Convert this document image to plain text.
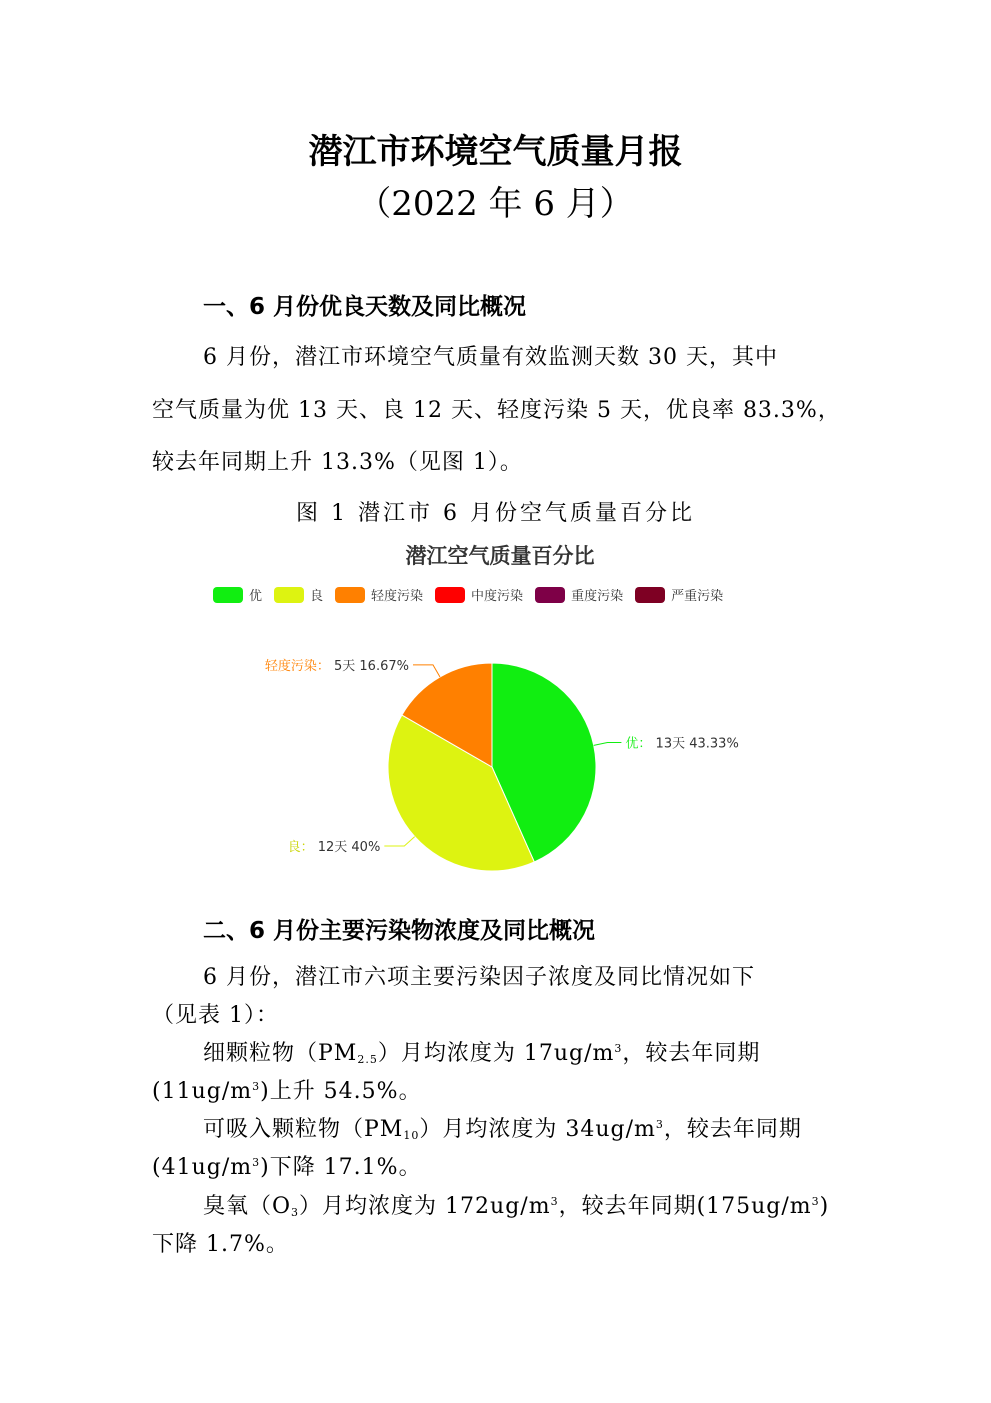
潜江市环境空气质量月报
（2022 年 6 月）
一、6 月份优良天数及同比概况
6 月份，潜江市环境空气质量有效监测天数 30 天，其中
空气质量为优 13 天、良 12 天、轻度污染 5 天，优良率 83.3%，
较去年同期上升 13.3%（见图 1）。
图 1 潜江市 6 月份空气质量百分比
潜江空气质量百分比
优	良	轻度污染	中度污染	重度污染	严重污染
优： 13天 43.33%
良： 12天 40%
轻度污染： 5天 16.67%
二、6 月份主要污染物浓度及同比概况
6 月份，潜江市六项主要污染因子浓度及同比情况如下
（见表 1）：
细颗粒物$(PM_{2.5})$月均浓度为 $17ug/m^3$，较去年同期
$(11ug/m^3)$上升 54.5%。
可吸入颗粒物$(PM_{10})$月均浓度为 $34ug/m^3$，较去年同期
$(41ug/m^3)$下降 17.1%。
臭氧$(O_3)$月均浓度为 $172ug/m^3$，较去年同期$(175ug/m^3)$
下降 1.7%。
